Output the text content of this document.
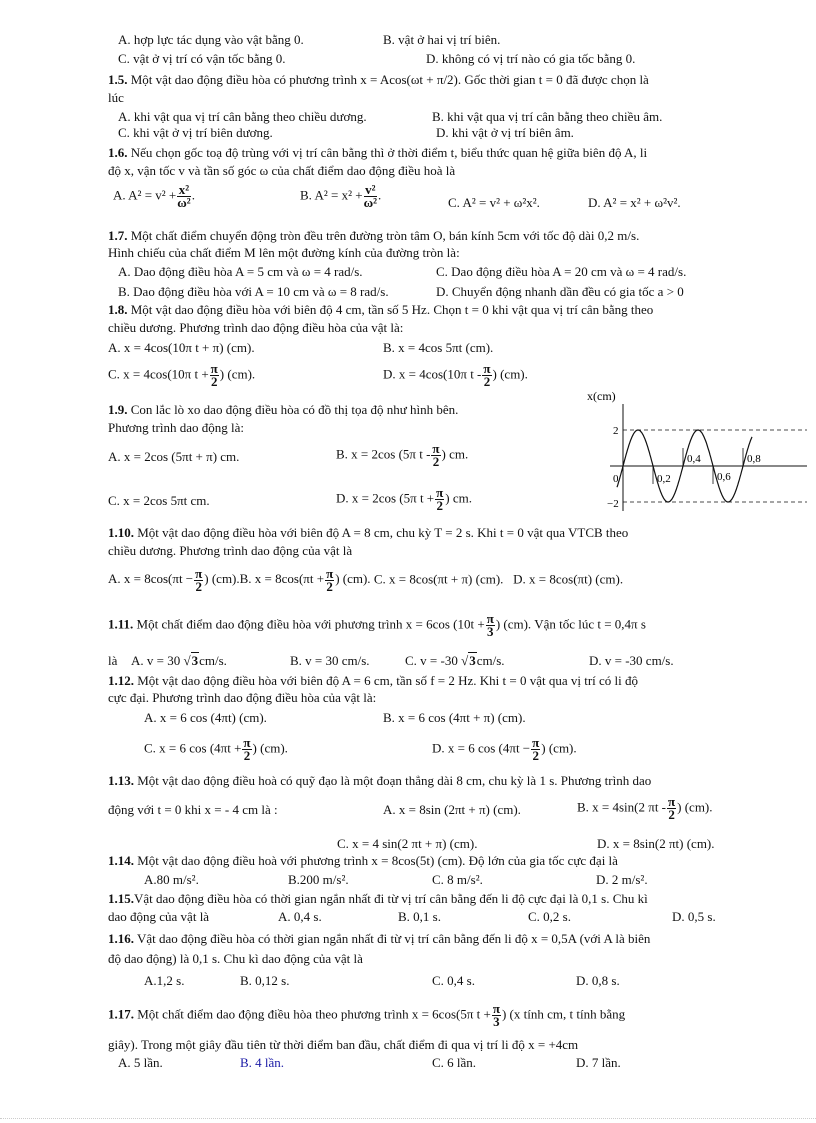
A. hợp lực tác dụng vào vật bằng 0.	B. vật ở hai vị trí biên.
C. vật ở vị trí có vận tốc bằng 0.	D. không có vị trí nào có gia tốc bằng 0.
1.5. Một vật dao động điều hòa có phương trình x = Acos(ωt + π/2). Gốc thời gian t = 0 đã được chọn là
lúc
A. khi vật qua vị trí cân bằng theo chiều dương.	B. khi vật qua vị trí cân bằng theo chiều âm.
C. khi vật ở vị trí biên dương.	D. khi vật ở vị trí biên âm.
1.6. Nếu chọn gốc toạ độ trùng với vị trí cân bằng thì ở thời điểm t, biểu thức quan hệ giữa biên độ A, li
độ x, vận tốc v và tần số góc ω của chất điểm dao động điều hoà là
A. $A^2 = v^2 + \frac{\text{x²}}{\text{ω²}}$ .	B. $A^2 = x^2 + \frac{\text{v²}}{\text{ω²}}$ .
C. A² = v² + ω²x².	D. A² = x² + ω²v².
1.7. Một chất điểm chuyển động tròn đều trên đường tròn tâm O, bán kính 5cm với tốc độ dài 0,2 m/s.
Hình chiếu của chất điểm M lên một đường kính của đường tròn là:
A. Dao động điều hòa A = 5 cm và ω = 4 rad/s.	C. Dao động điều hòa A = 20 cm và ω = 4 rad/s.
B. Dao động điều hòa với A = 10 cm và ω = 8 rad/s.	D. Chuyển động nhanh dần đều có gia tốc a > 0
1.8. Một vật dao động điều hòa với biên độ 4 cm, tần số 5 Hz. Chọn t = 0 khi vật qua vị trí cân bằng theo
chiều dương. Phương trình dao động điều hòa của vật là:
A. x = 4cos(10π t + π) (cm).	B. x = 4cos 5πt (cm).
C. x = 4cos(10π $t + \frac{\pi}{2}$ ) (cm).	D. x = 4cos(10π t - $\frac{\pi}{2}$ ) (cm).
1.9. Con lắc lò xo dao động điều hòa có đồ thị tọa độ như hình bên.
Phương trình dao động là:
A. x = 2cos (5πt + π) cm.	B. x = 2cos (5π t - $\frac{\pi}{2}$ ) cm.
C. x = 2cos 5πt cm.	D. x = 2cos (5π $t + \frac{\pi}{2}$ ) cm.
x(cm)
2
0
−2
0,2
0,4
0,6
0,8
1.10. Một vật dao động điều hòa với biên độ A = 8 cm, chu kỳ T = 2 s. Khi t = 0 vật qua VTCB theo
chiều dương. Phương trình dao động của vật là
A. $x = 8\cos(\pi t - \frac{\pi}{2}$ ) (cm).B. $x = 8\cos(\pi t + \frac{\pi}{2}$ ) (cm). C. x = 8cos(πt + π) (cm). D. x = 8cos(πt) (cm).
1.11. Một chất điểm dao động điều hòa với phương trình x = 6cos ($10t + \frac{\pi}{3}$ ) (cm). Vận tốc lúc t = 0,4π s
là A. v = 30 √3cm/s.	B. v = 30 cm/s.	C. v = -30 √3cm/s.	D. v = -30 cm/s.
1.12. Một vật dao động điều hòa với biên độ A = 6 cm, tần số f = 2 Hz. Khi t = 0 vật qua vị trí có li độ
cực đại. Phương trình dao động điều hòa của vật là:
A. x = 6 cos (4πt) (cm).	B. x = 6 cos (4πt + π) (cm).
C. x = 6 $\cos (4\pi t + \frac{\pi}{2}$ ) (cm).	D. x = 6 $\cos (4\pi t - \frac{\pi}{2}$ ) (cm).
1.13. Một vật dao động điều hoà có quỹ đạo là một đoạn thẳng dài 8 cm, chu kỳ là 1 s. Phương trình dao
động với t = 0 khi x = - 4 cm là :	A. x = 8sin (2πt + π) (cm).	B. x = 4sin(2 πt - $\frac{\pi}{2}$ ) (cm).
C. x = 4 sin(2 πt + π) (cm).	D. x = 8sin(2 πt) (cm).
1.14. Một vật dao động điều hoà với phương trình x = 8cos(5t) (cm). Độ lớn của gia tốc cực đại là
A.80 m/s².	B.200 m/s².	C. 8 m/s².	D. 2 m/s².
1.15.Vật dao động điều hòa có thời gian ngắn nhất đi từ vị trí cân bằng đến li độ cực đại là 0,1 s. Chu kì
dao động của vật là	A. 0,4 s.	B. 0,1 s.	C. 0,2 s.	D. 0,5 s.
1.16. Vật dao động điều hòa có thời gian ngắn nhất đi từ vị trí cân bằng đến li độ x = 0,5A (với A là biên
độ dao động) là 0,1 s. Chu kì dao động của vật là
A.1,2 s.	B. 0,12 s.	C. 0,4 s.	D. 0,8 s.
1.17. Một chất điểm dao động điều hòa theo phương trình x = 6cos(5π $t + \frac{\pi}{3}$ ) (x tính cm, t tính bằng
giây). Trong một giây đầu tiên từ thời điểm ban đầu, chất điểm đi qua vị trí li độ x = +4cm
A. 5 lần.	B. 4 lần.	C. 6 lần.	D. 7 lần.
